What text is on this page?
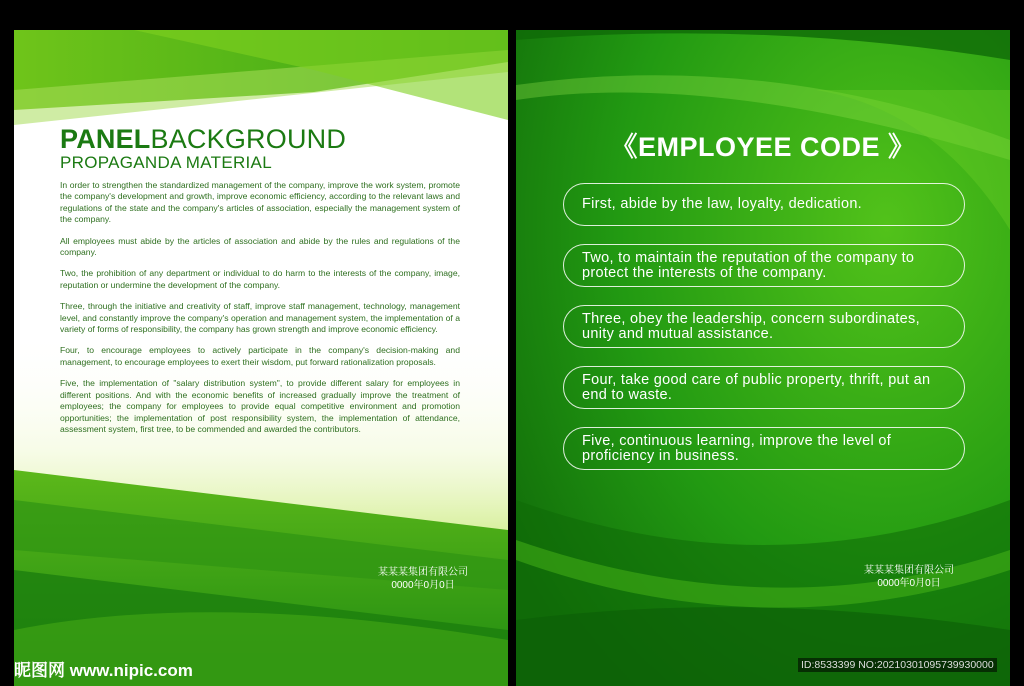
PANELBACKGROUND
PROPAGANDA MATERIAL

In order to strengthen the standardized management of the company, improve the work system, promote the company's development and growth, improve economic efficiency, according to the relevant laws and regulations of the state and the company's articles of association, especially the management system of the company.

All employees must abide by the articles of association and abide by the rules and regulations of the company.

Two, the prohibition of any department or individual to do harm to the interests of the company, image, reputation or undermine the development of the company.

Three, through the initiative and creativity of staff, improve staff management, technology, management level, and constantly improve the company's operation and management system, the implementation of a variety of forms of responsibility, the company has grown strength and improve economic efficiency.

Four, to encourage employees to actively participate in the company's decision-making and management, to encourage employees to exert their wisdom, put forward rationalization proposals.

Five, the implementation of "salary distribution system", to provide different salary for employees in different positions. And with the economic benefits of increased gradually improve the treatment of employees; the company for employees to provide equal competitive environment and promotion opportunities; the implementation of post responsibility system, the implementation of attendance, assessment system, first tree, to be commended and awarded the contributors.

某某某集团有限公司
0000年0月0日
《EMPLOYEE CODE 》
First, abide by the law, loyalty, dedication.
Two, to maintain the reputation of the company to protect the interests of the company.
Three, obey the leadership, concern subordinates, unity and mutual assistance.
Four, take good care of public property, thrift, put an end to waste.
Five, continuous learning, improve the level of proficiency in business.
某某某集团有限公司
0000年0月0日
昵图网 www.nipic.com	ID:8533399 NO:20210301095739930000
